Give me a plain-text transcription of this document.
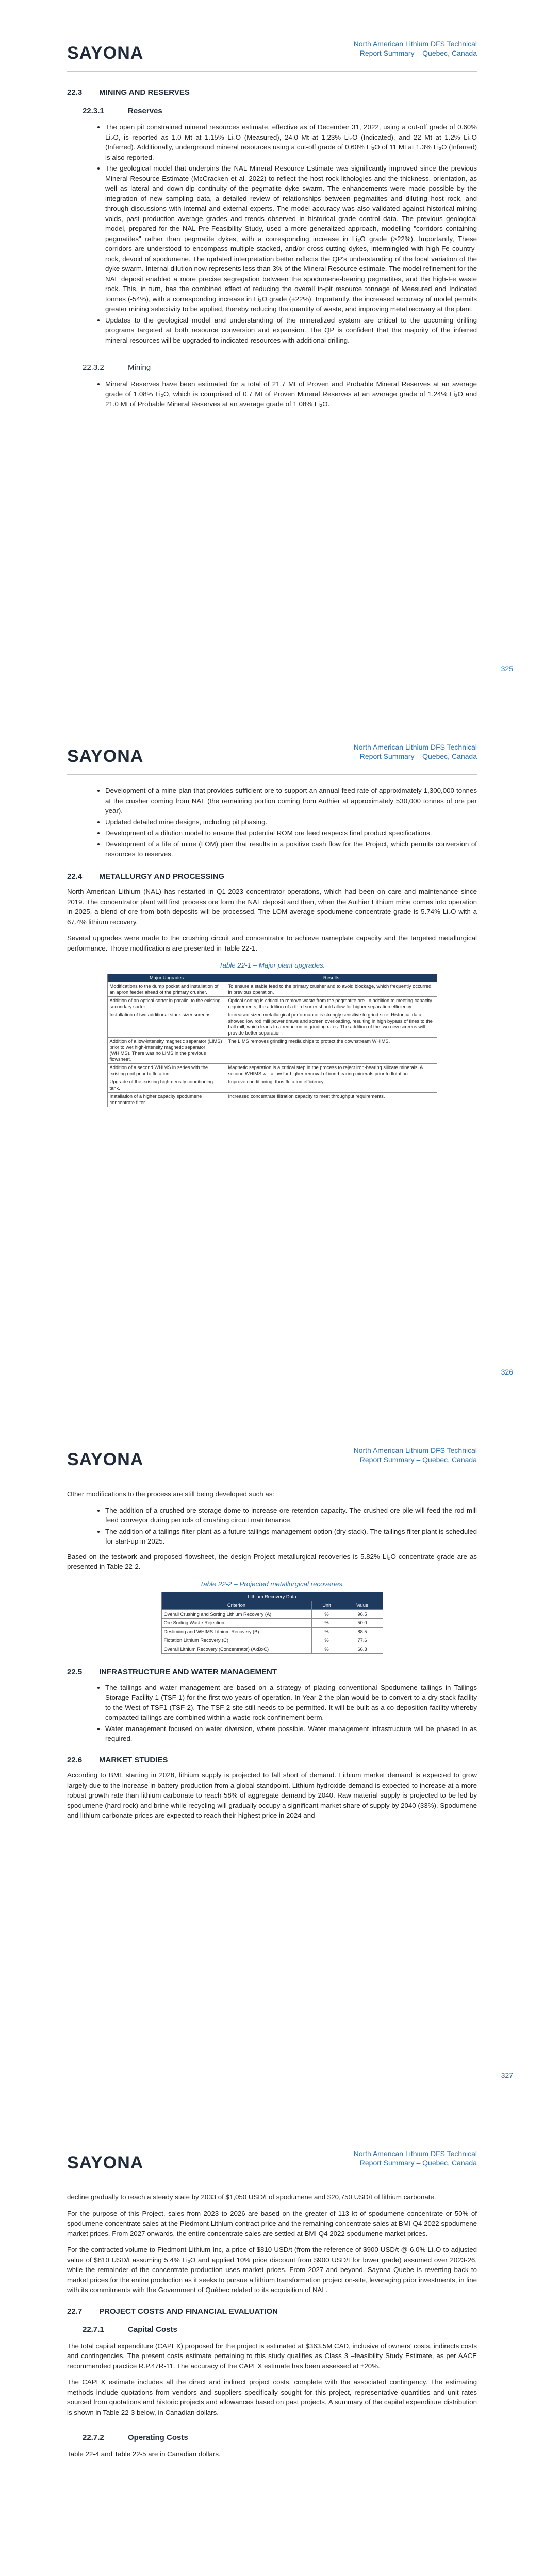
SAYONA	North American Lithium DFS Technical
Report Summary – Quebec, Canada
22.3 MINING AND RESERVES
22.3.1	Reserves
• The open pit constrained mineral resources estimate, effective as of December 31, 2022, using a cut-off grade of 0.60% Li₂O, is reported as 1.0 Mt at 1.15% Li₂O (Measured), 24.0 Mt at 1.23% Li₂O (Indicated), and 22 Mt at 1.2% Li₂O (Inferred). Additionally, underground mineral resources using a cut-off grade of 0.60% Li₂O of 11 Mt at 1.3% Li₂O (Inferred) is also reported.
• The geological model that underpins the NAL Mineral Resource Estimate was significantly improved since the previous Mineral Resource Estimate (McCracken et al, 2022) to reflect the host rock lithologies and the thickness, orientation, as well as lateral and down-dip continuity of the pegmatite dyke swarm. The enhancements were made possible by the integration of new sampling data, a detailed review of relationships between pegmatites and diluting host rock, and through discussions with internal and external experts. The model accuracy was also validated against historical mining voids, past production average grades and trends observed in historical grade control data. The previous geological model, prepared for the NAL Pre-Feasibility Study, used a more generalized approach, modelling "corridors containing pegmatites" rather than pegmatite dykes, with a corresponding increase in Li₂O grade (>22%). Importantly, These corridors are understood to encompass multiple stacked, and/or cross-cutting dykes, intermingled with high-Fe country-rock, devoid of spodumene. The updated interpretation better reflects the QP's understanding of the local variation of the dyke swarm. Internal dilution now represents less than 3% of the Mineral Resource estimate. The model refinement for the NAL deposit enabled a more precise segregation between the spodumene-bearing pegmatites, and the high-Fe waste rock. This, in turn, has the combined effect of reducing the overall in-pit resource tonnage of Measured and Indicated tonnes (-54%), with a corresponding increase in Li₂O grade (+22%). Importantly, the increased accuracy of model permits greater mining selectivity to be applied, thereby reducing the quantity of waste, and improving metal recovery at the plant.
• Updates to the geological model and understanding of the mineralized system are critical to the upcoming drilling programs targeted at both resource conversion and expansion. The QP is confident that the majority of the inferred mineral resources will be upgraded to indicated resources with additional drilling.
22.3.2	Mining
• Mineral Reserves have been estimated for a total of 21.7 Mt of Proven and Probable Mineral Reserves at an average grade of 1.08% Li₂O, which is comprised of 0.7 Mt of Proven Mineral Reserves at an average grade of 1.24% Li₂O and 21.0 Mt of Probable Mineral Reserves at an average grade of 1.08% Li₂O.
325
SAYONA	North American Lithium DFS Technical
Report Summary – Quebec, Canada
• Development of a mine plan that provides sufficient ore to support an annual feed rate of approximately 1,300,000 tonnes at the crusher coming from NAL (the remaining portion coming from Authier at approximately 530,000 tonnes of ore per year).
• Updated detailed mine designs, including pit phasing.
• Development of a dilution model to ensure that potential ROM ore feed respects final product specifications.
• Development of a life of mine (LOM) plan that results in a positive cash flow for the Project, which permits conversion of resources to reserves.
22.4 METALLURGY AND PROCESSING

North American Lithium (NAL) has restarted in Q1-2023 concentrator operations, which had been on care and maintenance since 2019. The concentrator plant will first process ore form the NAL deposit and then, when the Authier Lithium mine comes into operation in 2025, a blend of ore from both deposits will be processed. The LOM average spodumene concentrate grade is 5.74% Li₂O with a 67.4% lithium recovery.

Several upgrades were made to the crushing circuit and concentrator to achieve nameplate capacity and the targeted metallurgical performance. Those modifications are presented in Table 22-1.

Table 22-1 – Major plant upgrades.
Major Upgrades	Results
Modifications to the dump pocket and installation of an apron feeder ahead of the primary crusher.	To ensure a stable feed to the primary crusher and to avoid blockage, which frequently occurred in previous operation.
Addition of an optical sorter in parallel to the existing secondary sorter.	Optical sorting is critical to remove waste from the pegmatite ore. In addition to meeting capacity requirements, the addition of a third sorter should allow for higher separation efficiency.
Installation of two additional stack sizer screens.	Increased sized metallurgical performance is strongly sensitive to grind size. Historical data showed low rod mill power draws and screen overloading, resulting in high bypass of fines to the ball mill, which leads to a reduction in grinding rates. The addition of the two new screens will provide better separation.
Addition of a low-intensity magnetic separator (LIMS) prior to wet high-intensity magnetic separator (WHIMS). There was no LIMS in the previous flowsheet.	The LIMS removes grinding media chips to protect the downstream WHIMS.
Addition of a second WHIMS in series with the existing unit prior to flotation.	Magnetic separation is a critical step in the process to reject iron-bearing silicate minerals. A second WHIMS will allow for higher removal of iron-bearing minerals prior to flotation.
Upgrade of the existing high-density conditioning tank.	Improve conditioning, thus flotation efficiency.
Installation of a higher capacity spodumene concentrate filter.	Increased concentrate filtration capacity to meet throughput requirements.
326
SAYONA	North American Lithium DFS Technical
Report Summary – Quebec, Canada

Other modifications to the process are still being developed such as:

• The addition of a crushed ore storage dome to increase ore retention capacity. The crushed ore pile will feed the rod mill feed conveyor during periods of crushing circuit maintenance.
• The addition of a tailings filter plant as a future tailings management option (dry stack). The tailings filter plant is scheduled for start-up in 2025.

Based on the testwork and proposed flowsheet, the design Project metallurgical recoveries is 5.82% Li₂O concentrate grade are as presented in Table 22-2.

Table 22-2 – Projected metallurgical recoveries.
Lithium Recovery Data		
Criterion	Unit	Value
Overall Crushing and Sorting Lithium Recovery (A)	%	96.5
Ore Sorting Waste Rejection	%	50.0
Deslimiing and WHIMS Lithium Recovery (B)	%	88.5
Flotation Lithium Recovery (C)	%	77.6
Overall Lithium Recovery (Concentrator) (AxBxC)	%	66.3
22.5 INFRASTRUCTURE AND WATER MANAGEMENT
• The tailings and water management are based on a strategy of placing conventional Spodumene tailings in Tailings Storage Facility 1 (TSF-1) for the first two years of operation. In Year 2 the plan would be to convert to a dry stack facility to the West of TSF1 (TSF-2). The TSF-2 site still needs to be permitted. It will be built as a co-deposition facility whereby compacted tailings are combined within a waste rock confinement berm.
• Water management focused on water diversion, where possible. Water management infrastructure will be phased in as required.
22.6 MARKET STUDIES

According to BMI, starting in 2028, lithium supply is projected to fall short of demand. Lithium market demand is expected to grow largely due to the increase in battery production from a global standpoint. Lithium hydroxide demand is expected to increase at a more robust growth rate than lithium carbonate to reach 58% of aggregate demand by 2040. Raw material supply is projected to be led by spodumene (hard-rock) and brine while recycling will gradually occupy a significant market share of supply by 2040 (33%). Spodumene and lithium carbonate prices are expected to reach their highest price in 2024 and

327
SAYONA	North American Lithium DFS Technical
Report Summary – Quebec, Canada

decline gradually to reach a steady state by 2033 of $1,050 USD/t of spodumene and $20,750 USD/t of lithium carbonate.

For the purpose of this Project, sales from 2023 to 2026 are based on the greater of 113 kt of spodumene concentrate or 50% of spodumene concentrate sales at the Piedmont Lithium contract price and the remaining concentrate sales at BMI Q4 2022 spodumene market prices. From 2027 onwards, the entire concentrate sales are settled at BMI Q4 2022 spodumene market prices.

For the contracted volume to Piedmont Lithium Inc, a price of $810 USD/t (from the reference of $900 USD/t @ 6.0% Li₂O to adjusted value of $810 USD/t assuming 5.4% Li₂O and applied 10% price discount from $900 USD/t for lower grade) assumed over 2023-26, while the remainder of the concentrate production uses market prices. From 2027 and beyond, Sayona Quebe is reverting back to market prices for the entire production as it seeks to pursue a lithium transformation project on-site, leveraging prior investments, in line with its commitments with the Government of Québec related to its acquisition of NAL.

22.7 PROJECT COSTS AND FINANCIAL EVALUATION
22.7.1	Capital Costs

The total capital expenditure (CAPEX) proposed for the project is estimated at $363.5M CAD, inclusive of owners' costs, indirects costs and contingencies. The present costs estimate pertaining to this study qualifies as Class 3 –feasibility Study Estimate, as per AACE recommended practice R.P.47R-11. The accuracy of the CAPEX estimate has been assessed at ±20%.

The CAPEX estimate includes all the direct and indirect project costs, complete with the associated contingency. The estimating methods include quotations from vendors and suppliers specifically sought for this project, representative quantities and unit rates sourced from quotations and historic projects and allowances based on past projects. A summary of the capital expenditure distribution is shown in Table 22-3 below, in Canadian dollars.

22.7.2	Operating Costs

Table 22-4 and Table 22-5 are in Canadian dollars.
